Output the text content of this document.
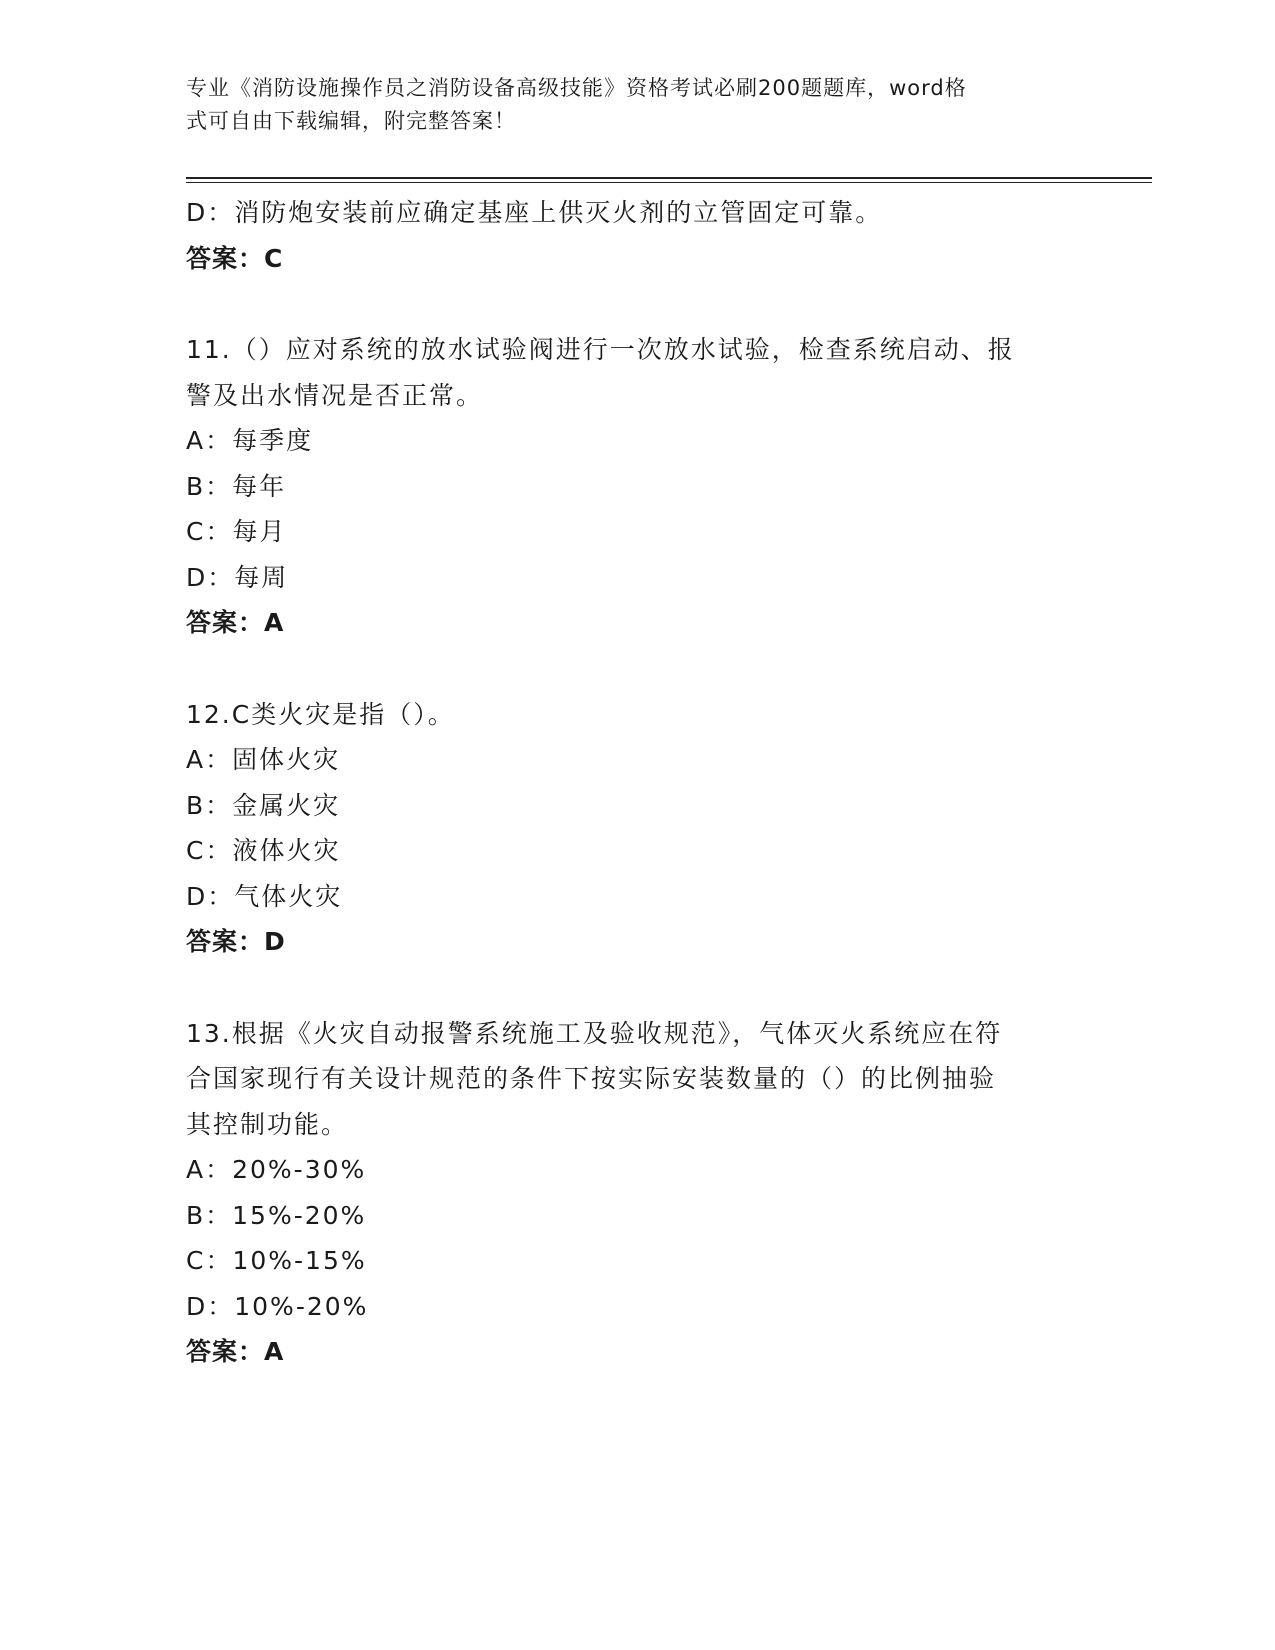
专业《消防设施操作员之消防设备高级技能》资格考试必刷200题题库，word格
式可自由下载编辑，附完整答案！
D：消防炮安装前应确定基座上供灭火剂的立管固定可靠。
答案：C
11.（）应对系统的放水试验阀进行一次放水试验，检查系统启动、报
警及出水情况是否正常。
A：每季度
B：每年
C：每月
D：每周
答案：A
12.C类火灾是指（）。
A：固体火灾
B：金属火灾
C：液体火灾
D：气体火灾
答案：D
13.根据《火灾自动报警系统施工及验收规范》，气体灭火系统应在符
合国家现行有关设计规范的条件下按实际安装数量的（）的比例抽验
其控制功能。
A：20%-30%
B：15%-20%
C：10%-15%
D：10%-20%
答案：A
